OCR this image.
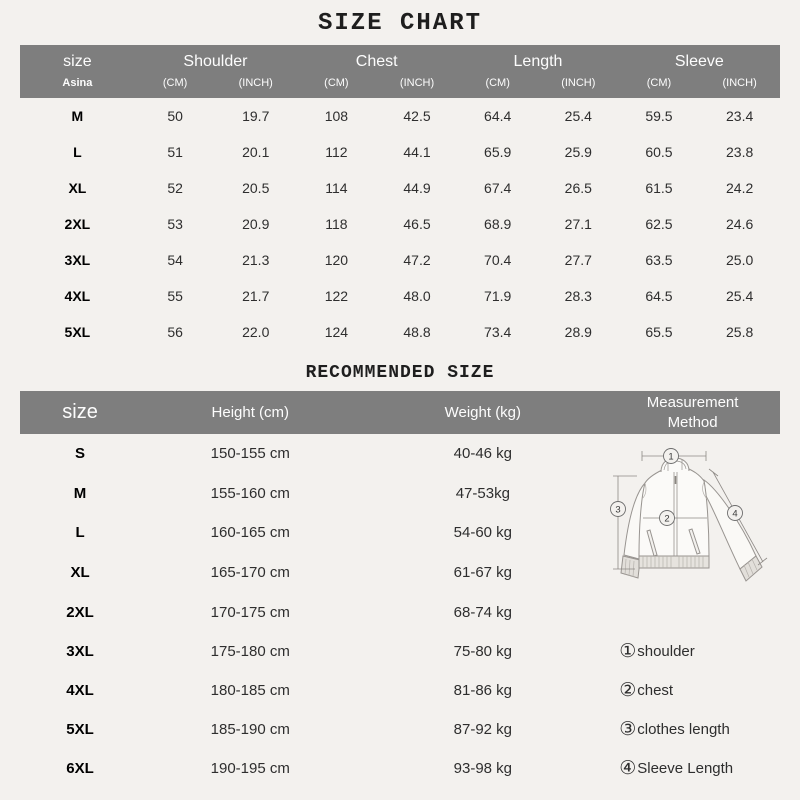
SIZE CHART
size	Shoulder		Chest		Length		Sleeve	
Asina	(CM)	(INCH)	(CM)	(INCH)	(CM)	(INCH)	(CM)	(INCH)
M	50	19.7	108	42.5	64.4	25.4	59.5	23.4
L	51	20.1	112	44.1	65.9	25.9	60.5	23.8
XL	52	20.5	114	44.9	67.4	26.5	61.5	24.2
2XL	53	20.9	118	46.5	68.9	27.1	62.5	24.6
3XL	54	21.3	120	47.2	70.4	27.7	63.5	25.0
4XL	55	21.7	122	48.0	71.9	28.3	64.5	25.4
5XL	56	22.0	124	48.8	73.4	28.9	65.5	25.8
RECOMMENDED SIZE
size	Height (cm)	Weight (kg)	Measurement
Method

S	150-155 cm	40-46 kg	1
2
3 4

M	155-160 cm	47-53kg	
L	160-165 cm	54-60 kg	
XL	165-170 cm	61-67 kg	
2XL	170-175 cm	68-74 kg	
3XL	175-180 cm	75-80 kg	①shoulder
4XL	180-185 cm	81-86 kg	②chest
5XL	185-190 cm	87-92 kg	③clothes length
6XL	190-195 cm	93-98 kg	④Sleeve Length
